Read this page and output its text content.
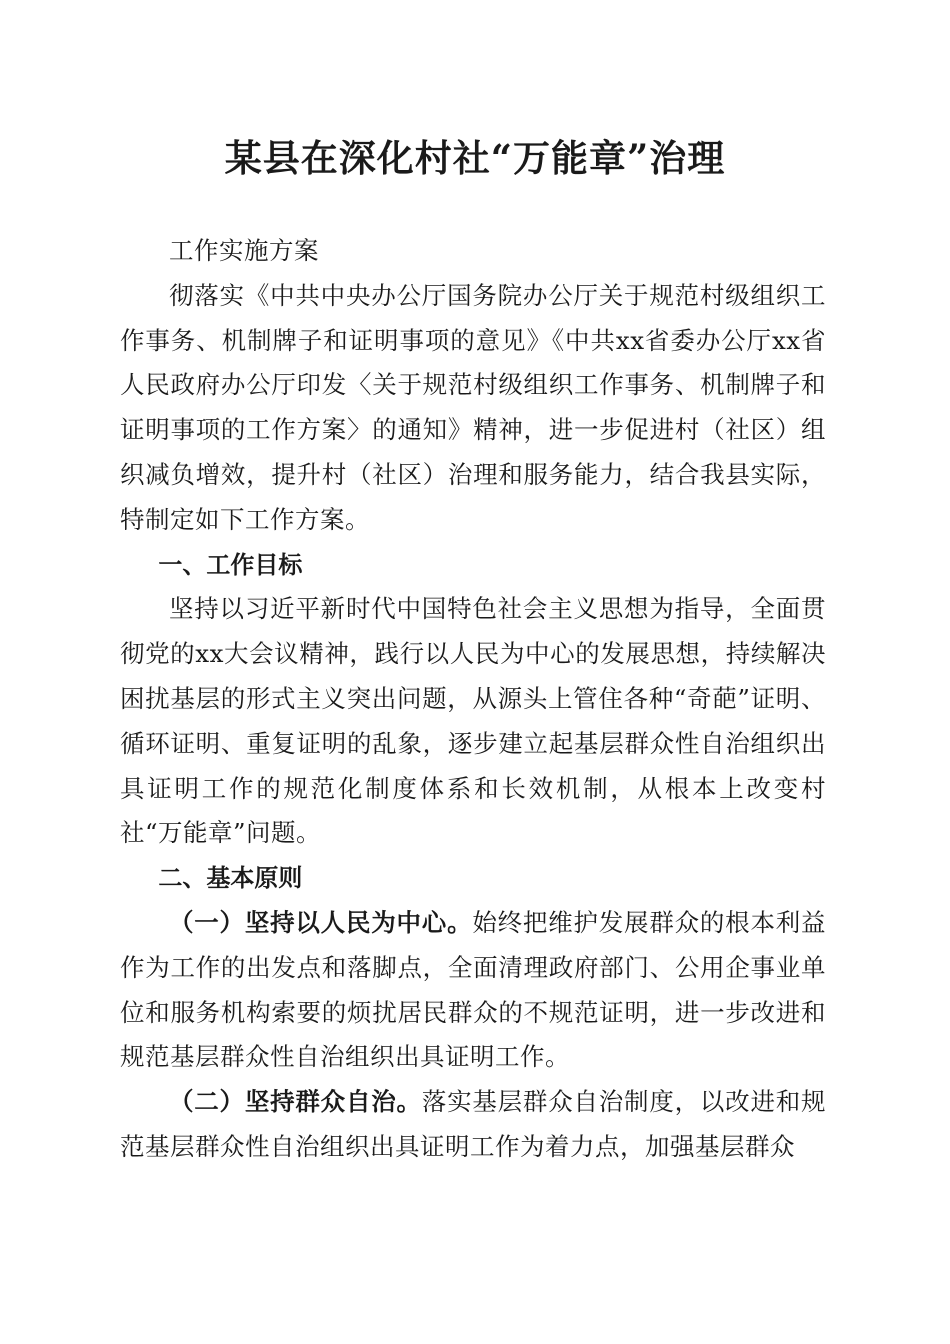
某县在深化村社“万能章”治理

工作实施方案

彻落实《中共中央办公厅国务院办公厅关于规范村级组织工作事务、机制牌子和证明事项的意见》《中共xx省委办公厅xx省人民政府办公厅印发〈关于规范村级组织工作事务、机制牌子和证明事项的工作方案〉的通知》精神，进一步促进村（社区）组织减负增效，提升村（社区）治理和服务能力，结合我县实际，特制定如下工作方案。

一、工作目标

坚持以习近平新时代中国特色社会主义思想为指导，全面贯彻党的xx大会议精神，践行以人民为中心的发展思想，持续解决困扰基层的形式主义突出问题，从源头上管住各种“奇葩”证明、循环证明、重复证明的乱象，逐步建立起基层群众性自治组织出具证明工作的规范化制度体系和长效机制，从根本上改变村社“万能章”问题。

二、基本原则

（一）坚持以人民为中心。始终把维护发展群众的根本利益作为工作的出发点和落脚点，全面清理政府部门、公用企事业单位和服务机构索要的烦扰居民群众的不规范证明，进一步改进和规范基层群众性自治组织出具证明工作。

（二）坚持群众自治。落实基层群众自治制度，以改进和规范基层群众性自治组织出具证明工作为着力点，加强基层群众
